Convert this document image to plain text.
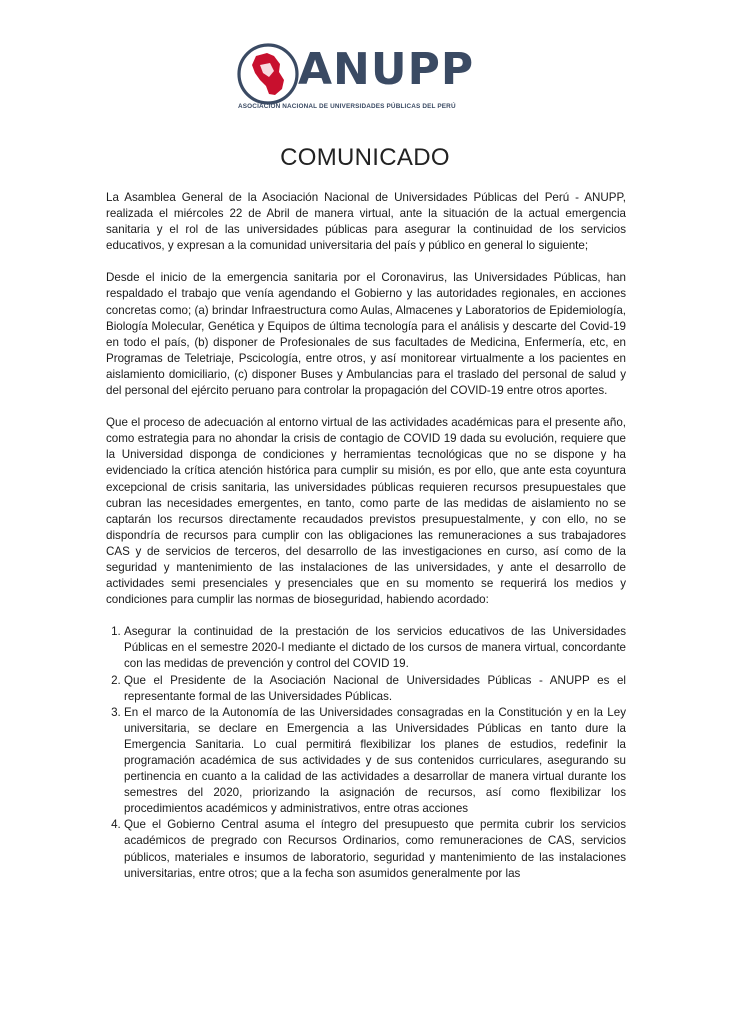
ANUPP
ASOCIACIÓN NACIONAL DE UNIVERSIDADES PÚBLICAS DEL PERÚ
COMUNICADO

La Asamblea General de la Asociación Nacional de Universidades Públicas del Perú - ANUPP, realizada el miércoles 22 de Abril de manera virtual, ante la situación de la actual emergencia sanitaria y el rol de las universidades públicas para asegurar la continuidad de los servicios educativos, y expresan a la comunidad universitaria del país y público en general lo siguiente;

Desde el inicio de la emergencia sanitaria por el Coronavirus, las Universidades Públicas, han respaldado el trabajo que venía agendando el Gobierno y las autoridades regionales, en acciones concretas como; (a) brindar Infraestructura como Aulas, Almacenes y Laboratorios de Epidemiología, Biología Molecular, Genética y Equipos de última tecnología para el análisis y descarte del Covid-19 en todo el país, (b) disponer de Profesionales de sus facultades de Medicina, Enfermería, etc, en Programas de Teletriaje, Pscicología, entre otros, y así monitorear virtualmente a los pacientes en aislamiento domiciliario, (c) disponer Buses y Ambulancias para el traslado del personal de salud y del personal del ejército peruano para controlar la propagación del COVID-19 entre otros aportes.

Que el proceso de adecuación al entorno virtual de las actividades académicas para el presente año, como estrategia para no ahondar la crisis de contagio de COVID 19 dada su evolución, requiere que la Universidad disponga de condiciones y herramientas tecnológicas que no se dispone y ha evidenciado la crítica atención histórica para cumplir su misión, es por ello, que ante esta coyuntura excepcional de crisis sanitaria, las universidades públicas requieren recursos presupuestales que cubran las necesidades emergentes, en tanto, como parte de las medidas de aislamiento no se captarán los recursos directamente recaudados previstos presupuestalmente, y con ello, no se dispondría de recursos para cumplir con las obligaciones las remuneraciones a sus trabajadores CAS y de servicios de terceros, del desarrollo de las investigaciones en curso, así como de la seguridad y mantenimiento de las instalaciones de las universidades, y ante el desarrollo de actividades semi presenciales y presenciales que en su momento se requerirá los medios y condiciones para cumplir las normas de bioseguridad, habiendo acordado:

1. Asegurar la continuidad de la prestación de los servicios educativos de las Universidades Públicas en el semestre 2020-I mediante el dictado de los cursos de manera virtual, concordante con las medidas de prevención y control del COVID 19.
2. Que el Presidente de la Asociación Nacional de Universidades Públicas - ANUPP es el representante formal de las Universidades Públicas.
3. En el marco de la Autonomía de las Universidades consagradas en la Constitución y en la Ley universitaria, se declare en Emergencia a las Universidades Públicas en tanto dure la Emergencia Sanitaria. Lo cual permitirá flexibilizar los planes de estudios, redefinir la programación académica de sus actividades y de sus contenidos curriculares, asegurando su pertinencia en cuanto a la calidad de las actividades a desarrollar de manera virtual durante los semestres del 2020, priorizando la asignación de recursos, así como flexibilizar los procedimientos académicos y administrativos, entre otras acciones
4. Que el Gobierno Central asuma el íntegro del presupuesto que permita cubrir los servicios académicos de pregrado con Recursos Ordinarios, como remuneraciones de CAS, servicios públicos, materiales e insumos de laboratorio, seguridad y mantenimiento de las instalaciones universitarias, entre otros; que a la fecha son asumidos generalmente por las
